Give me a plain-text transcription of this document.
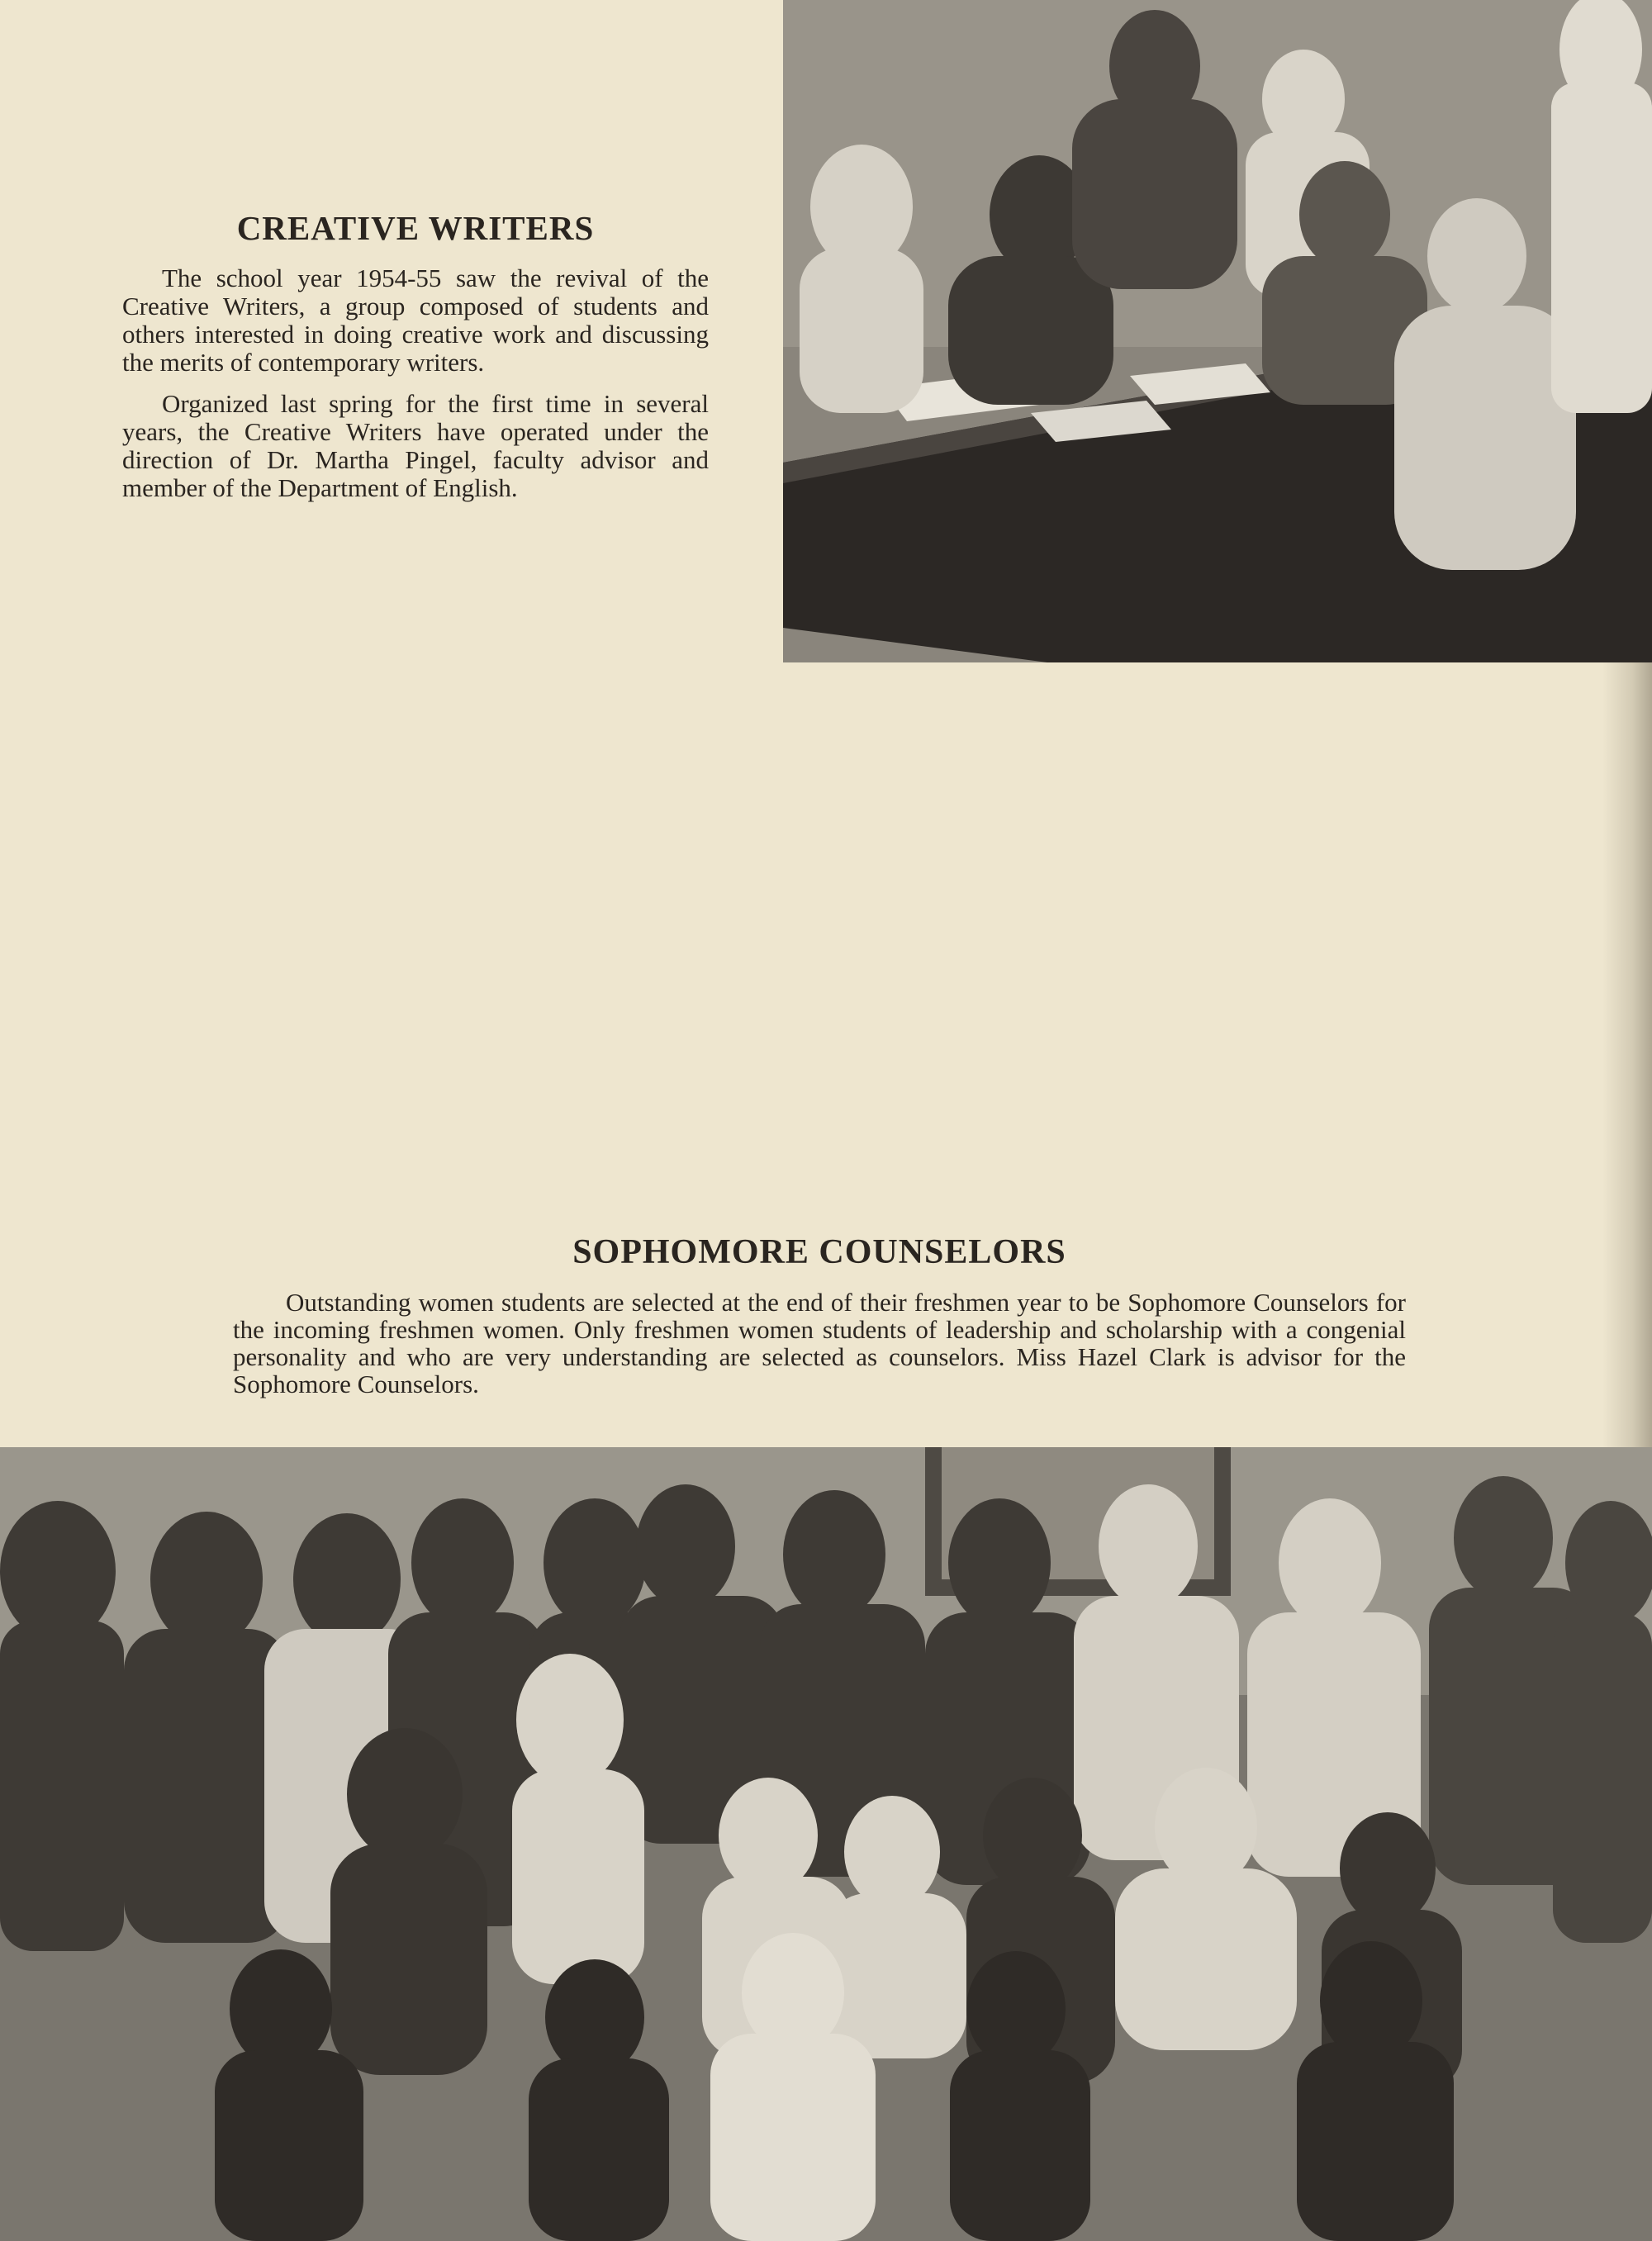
CREATIVE WRITERS

The school year 1954-55 saw the revival of the Creative Writers, a group composed of students and others interested in doing creative work and discussing the merits of contemporary writers.

Organized last spring for the first time in several years, the Creative Writers have operated under the direction of Dr. Martha Pingel, faculty advisor and member of the Department of English.

SOPHOMORE COUNSELORS

Outstanding women students are selected at the end of their freshmen year to be Sophomore Counselors for the incoming freshmen women. Only freshmen women students of leadership and scholarship with a congenial personality and who are very understanding are selected as counselors. Miss Hazel Clark is advisor for the Sophomore Counselors.
